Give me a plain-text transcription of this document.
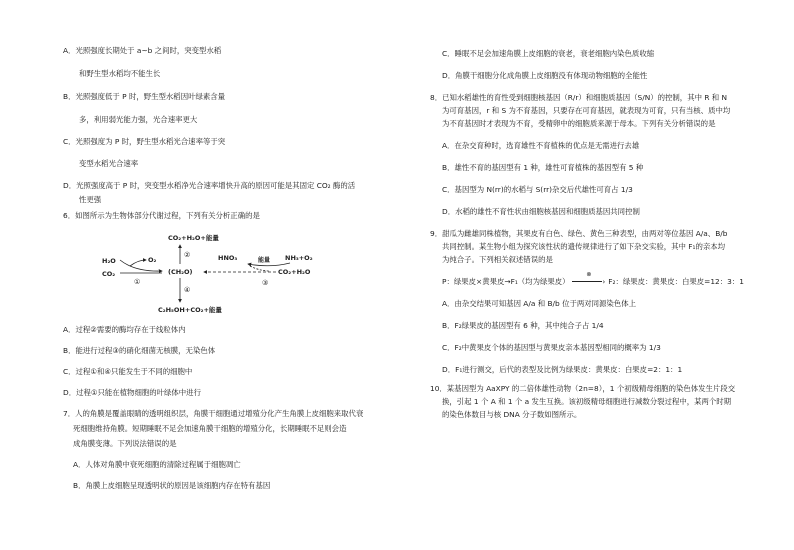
A．光照强度长期处于 a~b 之间时，突变型水稻
和野生型水稻均不能生长
B．光照强度低于 P 时，野生型水稻因叶绿素含量
多，利用弱光能力强，光合速率更大
C．光照强度为 P 时，野生型水稻光合速率等于突
变型水稻光合速率
D．光照强度高于 P 时，突变型水稻净光合速率增快升高的原因可能是其固定 CO₂ 酶的活
性更强
6．如图所示为生物体部分代谢过程，下列有关分析正确的是
CO₂+H₂O+能量
②
(CH₂O)
④
C₂H₅OH+CO₂+能量
H₂O
CO₂
O₂
①
HNO₃	NH₃+O₂
能量
CO₂+H₂O
③
A．过程②需要的酶均存在于线粒体内
B．能进行过程③的硝化细菌无核膜，无染色体
C．过程①和④只能发生于不同的细胞中
D．过程①只能在植物细胞的叶绿体中进行
7．人的角膜是覆盖眼睛的透明组织层，角膜干细胞通过增殖分化产生角膜上皮细胞来取代衰
死细胞维持角膜。短期睡眠不足会加速角膜干细胞的增殖分化，长期睡眠不足则会造
成角膜变薄。下列说法错误的是
A．人体对角膜中衰死细胞的清除过程属于细胞凋亡
B．角膜上皮细胞呈现透明状的原因是该细胞内存在特有基因
C．睡眠不足会加速角膜上皮细胞的衰老，衰老细胞内染色质收缩
D．角膜干细胞分化成角膜上皮细胞没有体现动物细胞的全能性
8．已知水稻雄性的育性受到细胞核基因（R/r）和细胞质基因（S/N）的控制，其中 R 和 N
为可育基因，r 和 S 为不育基因，只要存在可育基因，就表现为可育，只有当核、质中均
为不育基因时才表现为不育，受精卵中的细胞质来源于母本。下列有关分析错误的是
A．在杂交育种时，选育雄性不育植株的优点是无需进行去雄
B．雄性不育的基因型有 1 种，雄性可育植株的基因型有 5 种
C．基因型为 N(rr)的水稻与 S(rr)杂交后代雄性可育占 1/3
D．水稻的雄性不育性状由细胞核基因和细胞质基因共同控制
9．甜瓜为雌雄同株植物，其果皮有白色、绿色、黄色三种表型，由两对等位基因 A/a、B/b
共同控制。某生物小组为探究该性状的遗传规律进行了如下杂交实验，其中 F₁的亲本均
为纯合子。下列相关叙述错误的是
P：绿果皮×黄果皮→F₁（均为绿果皮）
⊗
› F₂：绿果皮：黄果皮：白果皮=12：3：1
A．由杂交结果可知基因 A/a 和 B/b 位于两对同源染色体上
B．F₂绿果皮的基因型有 6 种，其中纯合子占 1/4
C．F₂中黄果皮个体的基因型与黄果皮亲本基因型相同的概率为 1/3
D．F₁进行测交，后代的表型及比例为绿果皮：黄果皮：白果皮=2：1：1
10．某基因型为 AaXPY 的二倍体雄性动物（2n=8），1 个初级精母细胞的染色体发生片段交
换，引起 1 个 A 和 1 个 a 发生互换。该初级精母细胞进行减数分裂过程中，某两个时期
的染色体数目与核 DNA 分子数如图所示。
